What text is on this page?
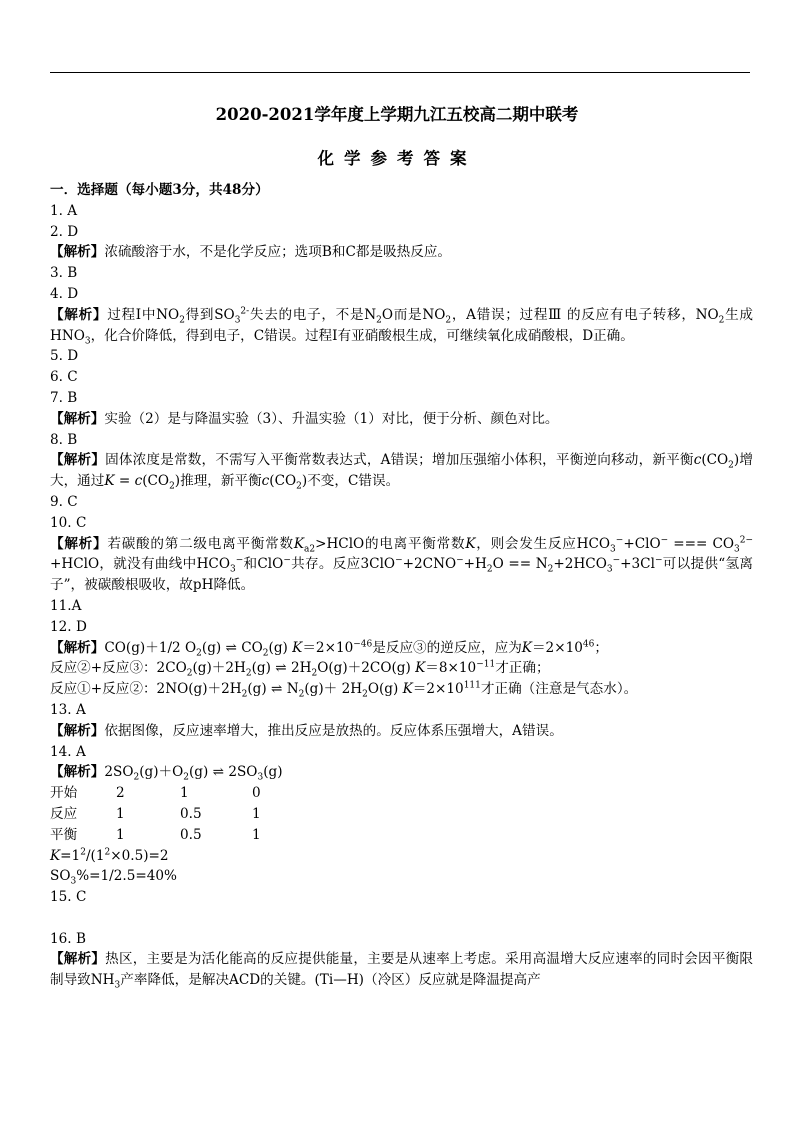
2020-2021学年度上学期九江五校高二期中联考
化学参考答案

一．选择题（每小题3分，共48分）

1. A

2. D

【解析】浓硫酸溶于水，不是化学反应；选项B和C都是吸热反应。

3. B

4. D

【解析】过程Ⅰ中$NO_2$得到$SO_3^{2-}$失去的电子，不是$N_2O$而是$NO_2$，A错误；过程Ⅲ 的反应有电子转移，$NO_2$生成$HNO_3$，化合价降低，得到电子，C错误。过程Ⅰ有亚硝酸根生成，可继续氧化成硝酸根，D正确。

5. D

6. C

7. B

【解析】实验（2）是与降温实验（3）、升温实验（1）对比，便于分析、颜色对比。

8. B

【解析】固体浓度是常数，不需写入平衡常数表达式，A错误；增加压强缩小体积，平衡逆向移动，新平衡$c(CO_2)$增大，通过$K = c(CO_2)$推理，新平衡$c(CO_2)$不变，C错误。

9. C

10. C

【解析】若碳酸的第二级电离平衡常数$K_{a2}>HClO$的电离平衡常数K，则会发生反应$HCO_3^-+ClO^-$ === $CO_3^{2-}+HClO$，就没有曲线中$HCO_3^-$和ClO−共存。反应$3ClO^-+2CNO^-+H_2O == N_2+2HCO_3^-+3Cl^-$可以提供“氢离子”，被碳酸根吸收，故pH降低。

11.A

12. D

【解析】CO(g)＋1/2 $O_2(g)$ ⇌ $CO_2(g)$ $K=2\times 10^{-46}$是反应③的逆反应，应为$K=2\times 10^{46}$；

反应②+反应③：$2CO_2(g)+2H_2(g)$ ⇌ $2H_2O(g)+2CO(g)$ $K=8\times 10^{-11}$才正确；

反应①+反应②：$2NO(g)+2H_2(g)$ ⇌ $N_2(g)+ 2H_2O(g)$ $K=2\times 10^{111}$才正确（注意是气态水）。

13. A

【解析】依据图像，反应速率增大，推出反应是放热的。反应体系压强增大，A错误。

14. A

【解析】$2SO_2(g)+O_2(g)$ ⇌ $2SO_3(g)$

开始	2	1	0

反应	1	0.5	1

平衡	1	0.5	1

$K=1^2/(1^2\times 0.5)=2$

$SO_3\%=1/2.5=40\%$

15. C

16. B

【解析】热区，主要是为活化能高的反应提供能量，主要是从速率上考虑。采用高温增大反应速率的同时会因平衡限制导致$NH_3$产率降低，是解决ACD的关键。(Ti—H)（冷区）反应就是降温提高产
